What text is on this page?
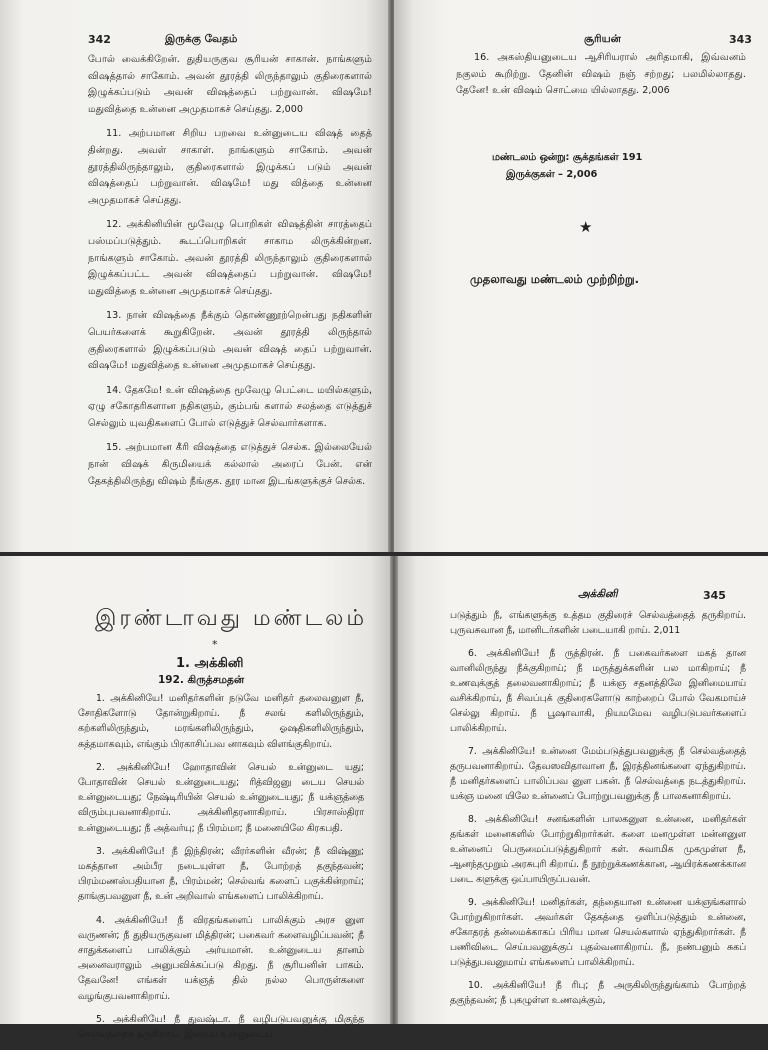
342	இருக்கு வேதம்

போல் வைக்கிறேன். துதியருகுவ சூரியன் சாகான். நாங்களும் விஷத்தால் சாகோம். அவன் தூரத்தி லிருந்தாலும் குதிரைகளால் இழுக்கப்படும் அவன் விஷத்தைப் பற்றுவான். விஷமே! மதுவித்தை உன்னை அமுதமாகச் செய்தது. 2,000

11. அற்பமான சிறிய பறவை உன்னுடைய விஷத் தைத் தின்றது. அவள் சாகாள். நாங்களும் சாகோம். அவன் தூரத்திலிருந்தாலும், குதிரைகளால் இழுக்கப் படும் அவன் விஷத்தைப் பற்றுவான். விஷமே! மது வித்தை உன்னை அமுதமாகச் செய்தது.

12. அக்கினியின் மூவேழு பொறிகள் விஷத்தின் சாரத்தைப் பஸ்மப்படுத்தும். கூடப்பொறிகள் சாகாம லிருக்கின்றன. நாங்களும் சாகோம். அவன் தூரத்தி லிருந்தாலும் குதிரைகளால் இழுக்கப்பட்ட அவன் விஷத்தைப் பற்றுவான். விஷமே! மதுவித்தை உன்னை அமுதமாகச் செய்தது.

13. நான் விஷத்தை நீக்கும் தொண்ணூற்றென்பது நதிகளின் பெயர்களைக் கூறுகிறேன். அவன் தூரத்தி லிருந்தால் குதிரைகளால் இழுக்கப்படும் அவன் விஷத் தைப் பற்றுவான். விஷமே! மதுவித்தை உன்னை அமுதமாகச் செய்தது.

14. தேகமே! உன் விஷத்தை மூவேழு பெட்டை மயில்களும், ஏழு சகோதரிகளான நதிகளும், கும்பங் களால் சலத்தை எடுத்துச் செல்லும் யுவதிகளைப் போல் எடுத்துச் செல்வார்களாக.

15. அற்பமான கீரி விஷத்தை எடுத்துச் செல்க. இல்லையேல் நான் விஷக் கிருமியைக் கல்லால் அரைப் பேன். என் தேகத்திலிருந்து விஷம் நீங்குக. தூர மான இடங்களுக்குச் செல்க.

சூரியன்	343

16. அகஸ்தியனுடைய ஆசிரியரால் அரிதமாகி, இவ்வனம் நகுலம் கூறிற்று. தேனின் விஷம் நஞ் சற்றது; பலமில்லாதது. தேனே! உன் விஷம் சொட்மை யில்லாதது. 2,006

மண்டலம் ஒன்று: சூக்தங்கள் 191
இருக்குகள் – 2,006
★
முதலாவது மண்டலம் முற்றிற்று.
இரண்டாவது மண்டலம்
*
1. அக்கினி
192. கிருத்சமதன்

1. அக்கினியே! மனிதர்களின் நடுவே மனிதர் தலைவனுள நீ, சோதிகளோடு தோன்றுகிறாய். நீ சலங் களிலிருந்தும், கற்களிலிருந்தும், மரங்களிலிருந்தும், ஓஷதிகளிலிருந்தும், சுத்தமாகவும், எங்கும் பிரகாசிப்பவ னாகவும் விளங்குகிறாய்.

2. அக்கினியே! ஹோதாவின் செயல் உன்னுடை யது; போதாவின் செயல் உன்னுடையது; ரித்விஜனு டைய செயல் உன்னுடையது; நேஷ்டிரியின் செயல் உன்னுடையது; நீ யக்ஞத்தை விரும்புபவனாகிறாய். அக்கினிதரனாகிறாய். பிரசாஸ்திரா உன்னுடையது; நீ அத்வர்யு; நீ பிரம்மா; நீ மனையிலே கிரகபதி.

3. அக்கினியே! நீ இந்திரன்; வீரர்களின் வீரன்; நீ விஷ்ணு; மகத்தான அம்பீர நடையுள்ள நீ, போற்றத் தகுந்தவன்; பிரம்மணஸ்பதியான நீ, பிரம்மன்; செல்வங் களைப் பகுக்கின்றாய்; தாங்குபவனுள நீ, உன் அறிவால் எங்களைப் பாலிக்கிறாய்.

4. அக்கினியே! நீ விரதங்களைப் பாலிக்கும் அரச னுள வருணன்; நீ துதியருகுவன மித்திரன்; பகைவர் களைவழிப்பவன்; நீ சாதுக்களைப் பாலிக்கும் அர்யமான். உன்னுடைய தானம் அனைவராலும் அனுபவிக்கப்படு கிறது. நீ சூரியனின் பாகம். தேவனே! எங்கள் யக்ஞத் தில் நல்ல பொருள்களை வழங்குபவனாகிறாய்.

5. அக்கினியே! நீ துவஷ்டா. நீ வழிபடுபவனுக்கு மிகுந்த செல்வத்தைக் தருகிறாய். இறைவ உன்னுடைய

அக்கினி	345

படுத்தும் நீ, எங்களுக்கு உத்தம குதிரைச் செல்வத்தைத் தருகிறாய். புருவசுவான நீ, மானிடர்களின் படையாகி றாய். 2,011

6. அக்கினியே! நீ ருத்திரன். நீ பகைவர்களை மகத் தான வானிலிருந்து நீக்குகிறாய்; நீ மருத்துக்களின் பல மாகிறாய்; நீ உணவுக்குத் தலைவனாகிறாய்; நீ யக்ஞ சதனத்திலே இனிமையாய் வசிக்கிறாய், நீ சிவப்புக் குதிரைகளோடு காற்றைப் போல் வேகமாய்ச் செல்லு கிறாய். நீ பூஷாவாகி, நியமமேவ வழிபடுபவர்களைப் பாலிக்கிறாய்.

7. அக்கினியே! உன்னை மேம்படுத்துபவனுக்கு நீ செல்வத்தைத் தருபவனாகிறாய். தேவஸவிதாவான நீ, இரத்தினங்களை ஏந்துகிறாய். நீ மனிதர்களைப் பாலிப்பவ னுள பகன். நீ செல்வத்தை நடத்துகிறாய். யக்ஞ மனை யிலே உன்னைப் போற்றுபவனுக்கு நீ பாலகனாகிறாய்.

8. அக்கினியே! சனங்களின் பாலகனுள உன்னை, மனிதர்கள் தங்கள் மனைகளில் போற்றுகிறார்கள். களை மனமுள்ள மன்னனுள உன்னைப் பெருமைப்படுத்துகிறார் கள். சுவாமிக முகமுள்ள நீ, ஆனந்தமுறும் அரசுபுரி கிறாய். நீ நூற்றுக்கணக்கான, ஆயிரக்கணக்கான படை களுக்கு ஒப்பாயிருப்பவன்.

9. அக்கினியே! மனிதர்கள், தந்தையான உன்னை யக்ஞங்களால் போற்றுகிறார்கள். அவர்கள் தேகத்தை ஒளிப்படுத்தும் உன்னை, சகோதரத் தன்மைக்காகப் பிரிய மான செயல்களால் ஏந்துகிறார்கள். நீ பணிவிடை செய்பவனுக்குப் புதல்வனாகிறாய். நீ, நண்பனும் சுகப் படுத்துபவனுமாய் எங்களைப் பாலிக்கிறாய்.

10. அக்கினியே! நீ ரிபு; நீ அருகிலிருந்துங்காம் போற்றத் தகுந்தவன்; நீ புகழுள்ள உணவுக்கும்,
